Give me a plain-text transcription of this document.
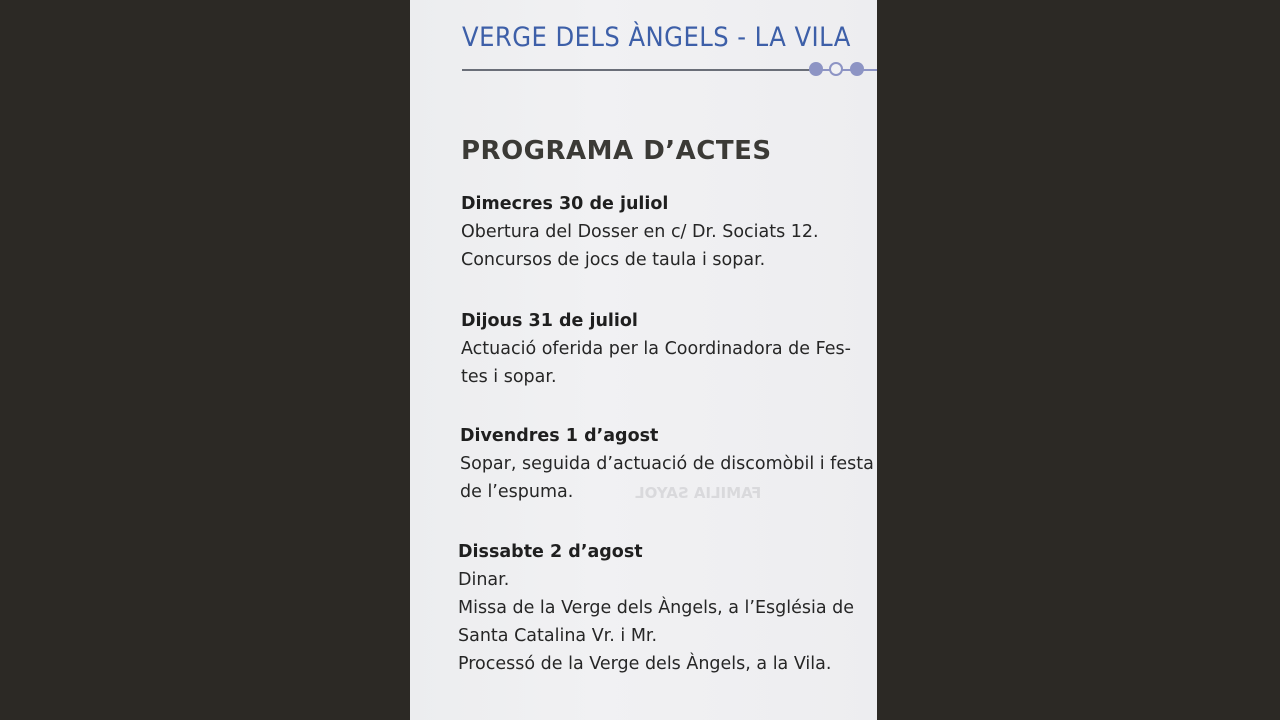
VERGE DELS ÀNGELS - LA VILA
FAMILIA SAYOL
PROGRAMA D’ACTES
Dimecres 30 de juliol
Obertura del Dosser en c/ Dr. Sociats 12.
Concursos de jocs de taula i sopar.
Dijous 31 de juliol
Actuació oferida per la Coordinadora de Fes-
tes i sopar.
Divendres 1 d’agost
Sopar, seguida d’actuació de discomòbil i festa
de l’espuma.
Dissabte 2 d’agost
Dinar.
Missa de la Verge dels Àngels, a l’Església de
Santa Catalina Vr. i Mr.
Processó de la Verge dels Àngels, a la Vila.
